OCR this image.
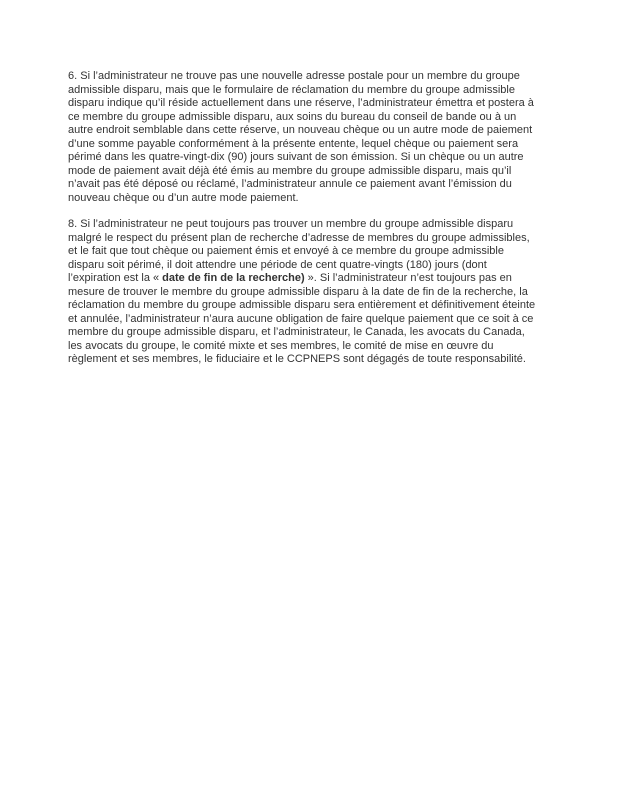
6. Si l’administrateur ne trouve pas une nouvelle adresse postale pour un membre du groupe
admissible disparu, mais que le formulaire de réclamation du membre du groupe admissible
disparu indique qu’il réside actuellement dans une réserve, l’administrateur émettra et postera à
ce membre du groupe admissible disparu, aux soins du bureau du conseil de bande ou à un
autre endroit semblable dans cette réserve, un nouveau chèque ou un autre mode de paiement
d’une somme payable conformément à la présente entente, lequel chèque ou paiement sera
périmé dans les quatre-vingt-dix (90) jours suivant de son émission. Si un chèque ou un autre
mode de paiement avait déjà été émis au membre du groupe admissible disparu, mais qu’il
n’avait pas été déposé ou réclamé, l’administrateur annule ce paiement avant l’émission du
nouveau chèque ou d’un autre mode paiement.
8. Si l’administrateur ne peut toujours pas trouver un membre du groupe admissible disparu
malgré le respect du présent plan de recherche d’adresse de membres du groupe admissibles,
et le fait que tout chèque ou paiement émis et envoyé à ce membre du groupe admissible
disparu soit périmé, il doit attendre une période de cent quatre-vingts (180) jours (dont
l’expiration est la « date de fin de la recherche) ». Si l’administrateur n’est toujours pas en
mesure de trouver le membre du groupe admissible disparu à la date de fin de la recherche, la
réclamation du membre du groupe admissible disparu sera entièrement et définitivement éteinte
et annulée, l’administrateur n’aura aucune obligation de faire quelque paiement que ce soit à ce
membre du groupe admissible disparu, et l’administrateur, le Canada, les avocats du Canada,
les avocats du groupe, le comité mixte et ses membres, le comité de mise en œuvre du
règlement et ses membres, le fiduciaire et le CCPNEPS sont dégagés de toute responsabilité.
